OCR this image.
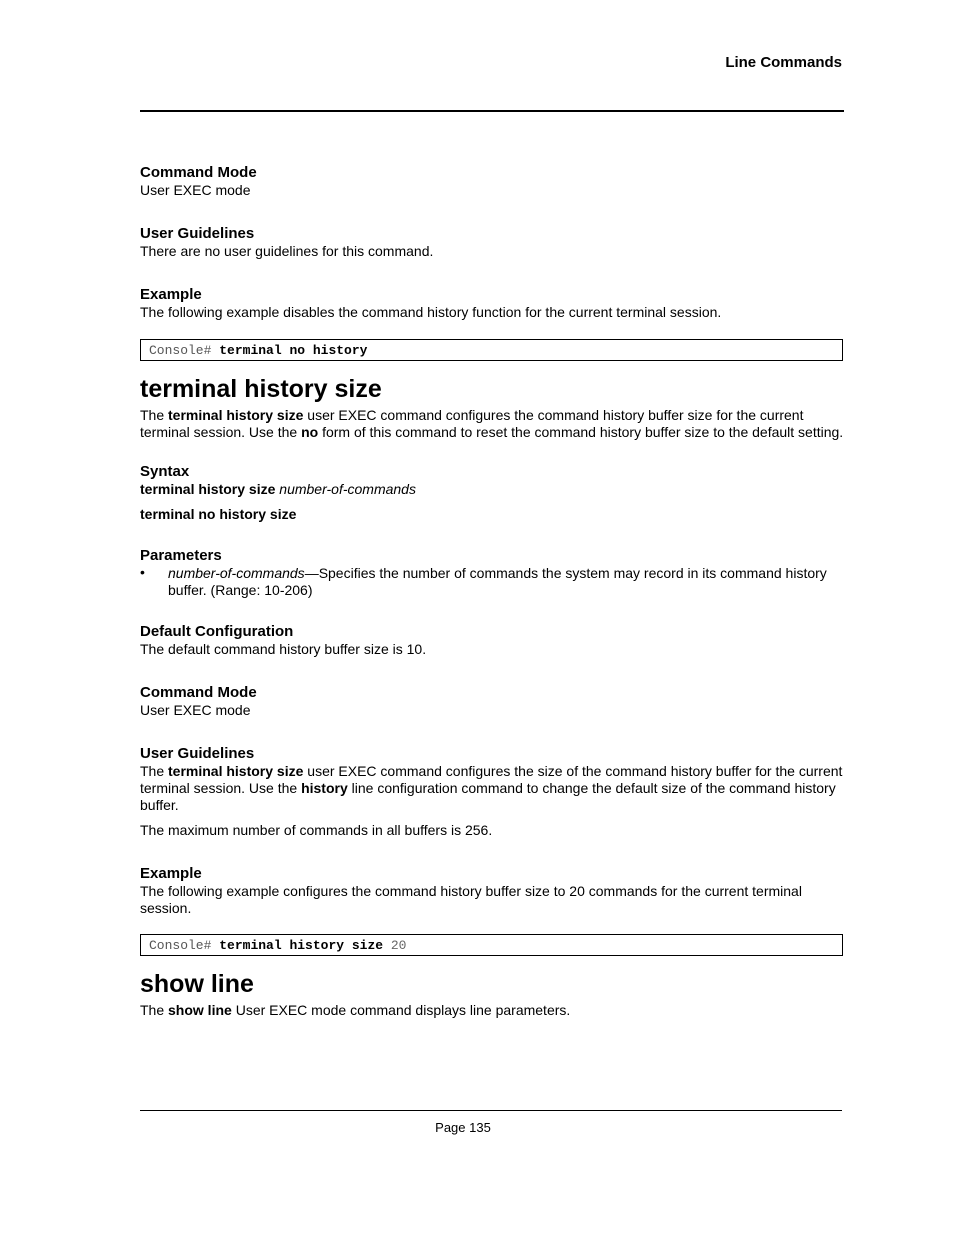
Line Commands
Command Mode
User EXEC mode
User Guidelines
There are no user guidelines for this command.
Example
The following example disables the command history function for the current terminal session.
Console# terminal no history
terminal history size
The terminal history size user EXEC command configures the command history buffer size for the current terminal session. Use the no form of this command to reset the command history buffer size to the default setting.
Syntax
terminal history size number-of-commands
terminal no history size
Parameters
• number-of-commands—Specifies the number of commands the system may record in its command history buffer. (Range: 10-206)
Default Configuration
The default command history buffer size is 10.
Command Mode
User EXEC mode
User Guidelines
The terminal history size user EXEC command configures the size of the command history buffer for the current terminal session. Use the history line configuration command to change the default size of the command history buffer.
The maximum number of commands in all buffers is 256.
Example
The following example configures the command history buffer size to 20 commands for the current terminal session.
Console# terminal history size 20
show line
The show line User EXEC mode command displays line parameters.
Page 135
